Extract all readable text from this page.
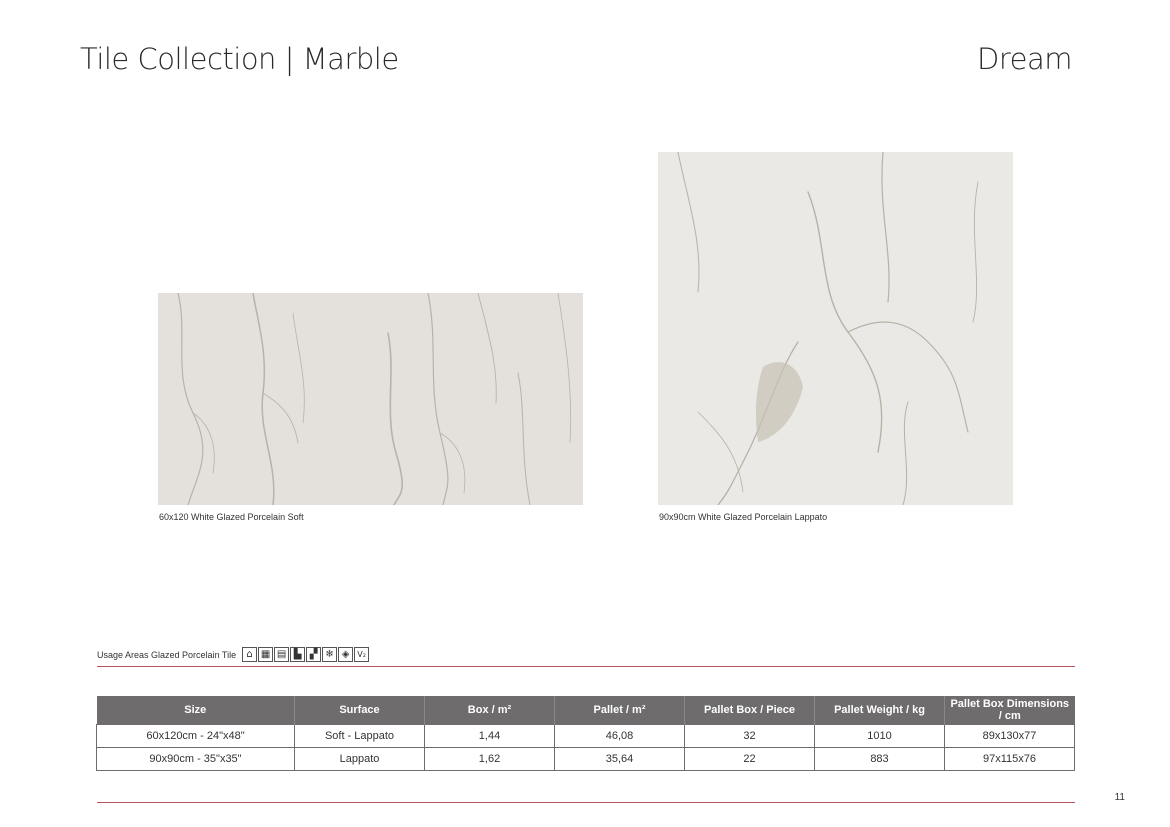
Tile Collection | Marble	Dream
60x120 White Glazed Porcelain Soft	90x90cm White Glazed Porcelain Lappato
Usage Areas Glazed Porcelain Tile	⌂ ▦ ▤ ▙ ▞ ❄ ◈ V₂
Size	Surface	Box / m²	Pallet / m²	Pallet Box / Piece	Pallet Weight / kg	Pallet Box Dimensions / cm
60x120cm - 24"x48"	Soft - Lappato	1,44	46,08	32	1010	89x130x77
90x90cm - 35"x35"	Lappato	1,62	35,64	22	883	97x115x76
11
